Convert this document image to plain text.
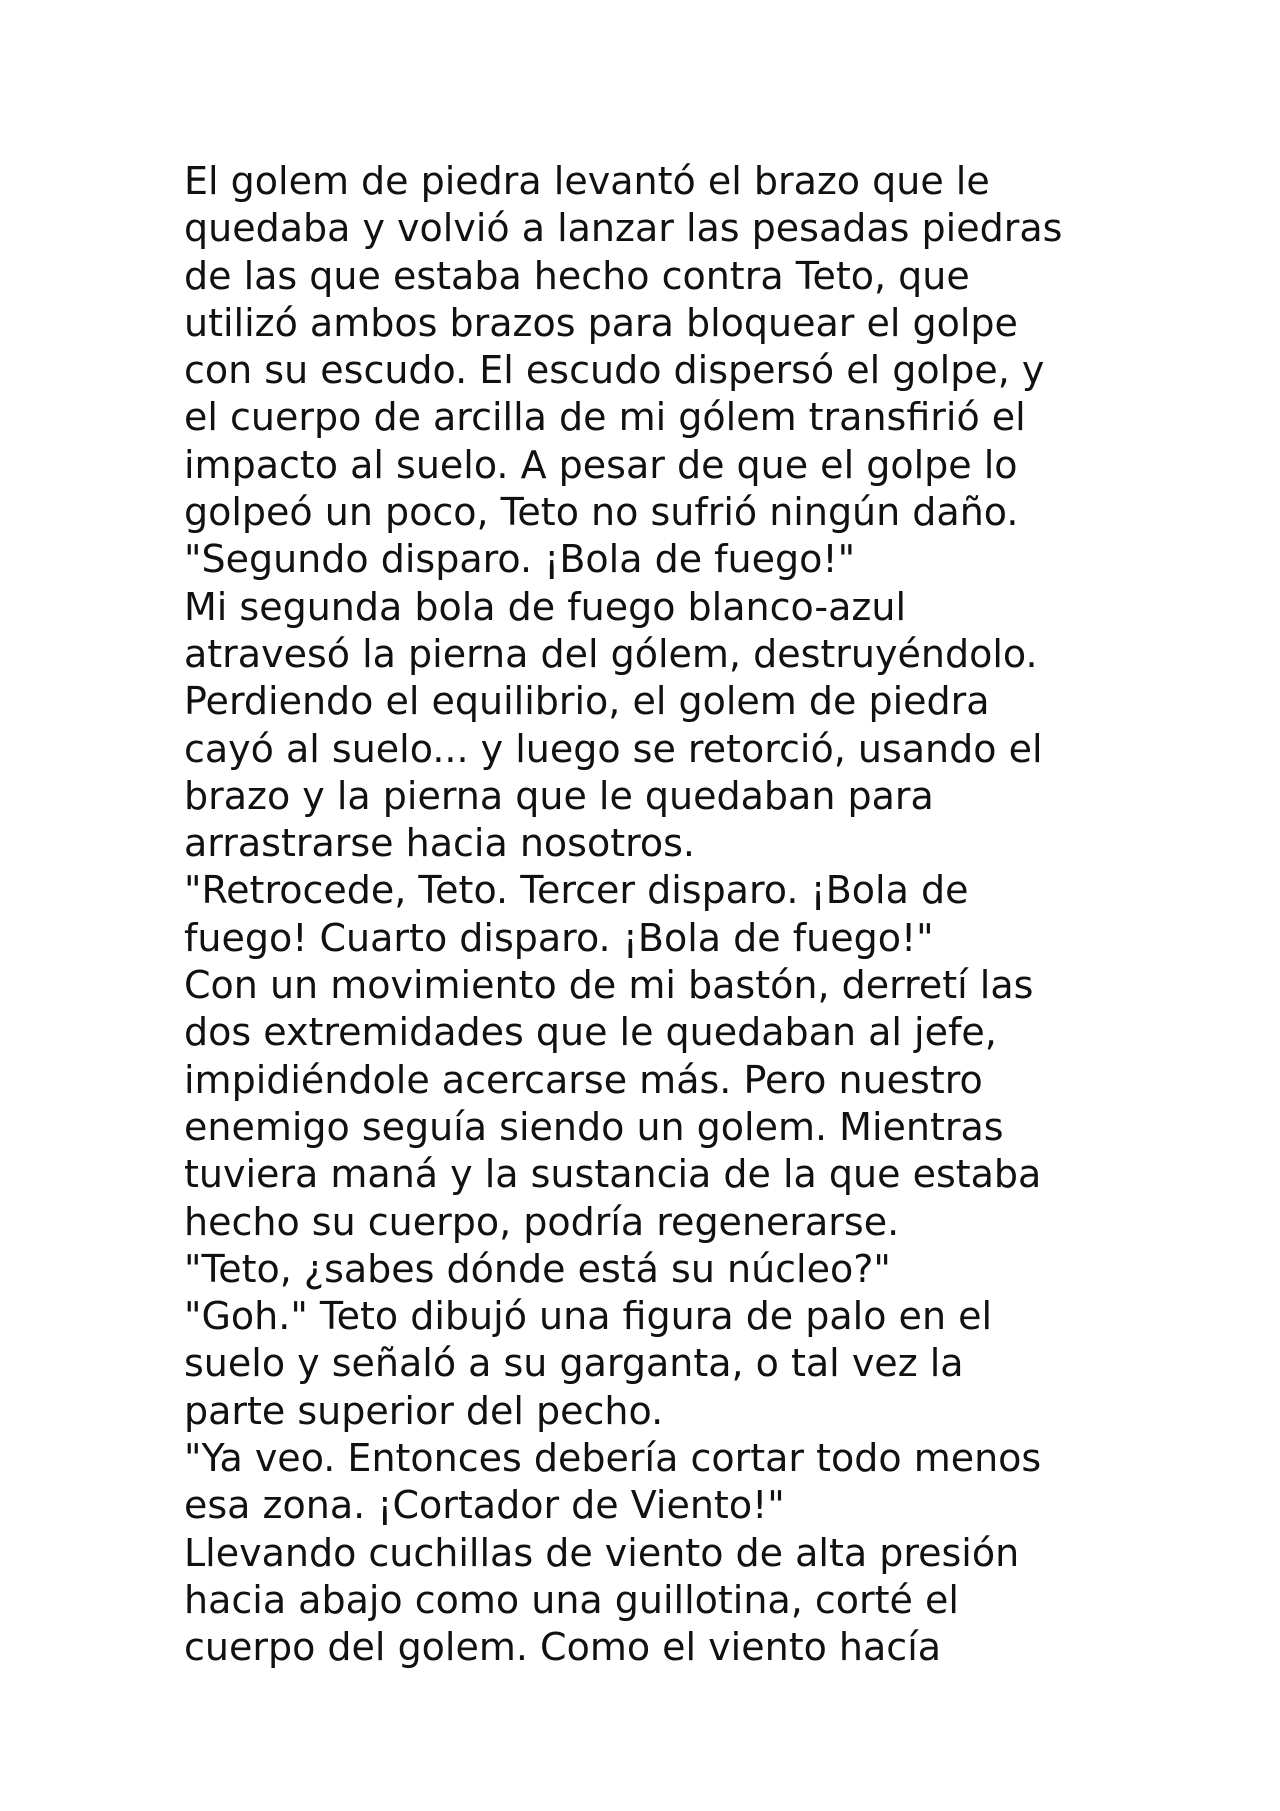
El golem de piedra levantó el brazo que le

quedaba y volvió a lanzar las pesadas piedras

de las que estaba hecho contra Teto, que

utilizó ambos brazos para bloquear el golpe

con su escudo. El escudo dispersó el golpe, y

el cuerpo de arcilla de mi gólem transfirió el

impacto al suelo. A pesar de que el golpe lo

golpeó un poco, Teto no sufrió ningún daño.

"Segundo disparo. ¡Bola de fuego!"

Mi segunda bola de fuego blanco-azul

atravesó la pierna del gólem, destruyéndolo.

Perdiendo el equilibrio, el golem de piedra

cayó al suelo... y luego se retorció, usando el

brazo y la pierna que le quedaban para

arrastrarse hacia nosotros.

"Retrocede, Teto. Tercer disparo. ¡Bola de

fuego! Cuarto disparo. ¡Bola de fuego!"

Con un movimiento de mi bastón, derretí las

dos extremidades que le quedaban al jefe,

impidiéndole acercarse más. Pero nuestro

enemigo seguía siendo un golem. Mientras

tuviera maná y la sustancia de la que estaba

hecho su cuerpo, podría regenerarse.

"Teto, ¿sabes dónde está su núcleo?"

"Goh." Teto dibujó una figura de palo en el

suelo y señaló a su garganta, o tal vez la

parte superior del pecho.

"Ya veo. Entonces debería cortar todo menos

esa zona. ¡Cortador de Viento!"

Llevando cuchillas de viento de alta presión

hacia abajo como una guillotina, corté el

cuerpo del golem. Como el viento hacía
